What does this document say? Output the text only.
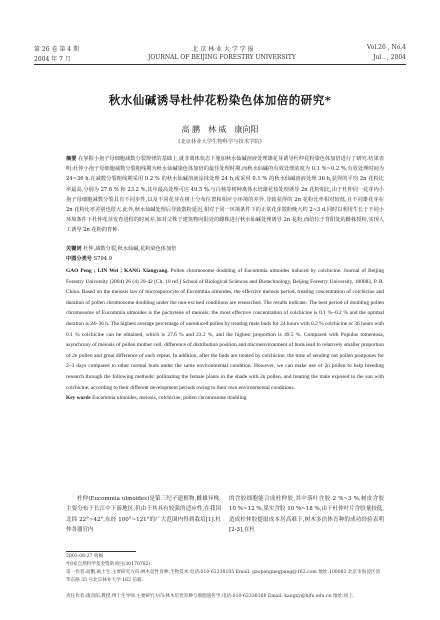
第 26 卷 第 4 期	北 京 林 业 大 学 学 报	Vol.26 , No.4
2004 年 7 月	JOURNAL OF BEIJING FORESTRY UNIVERSITY	Jul . , 2004
秋水仙碱诱导杜仲花粉染色体加倍的研究*
高 鹏　林 威　康向阳
(北京林业大学生物科学与技术学院)
摘要 在掌握小孢子母细胞减数分裂规律的基础上,就非离体状态下施加秋水仙碱溶液处理雄花芽诱导杜仲花粉染色体加倍进行了研究.结果表明:杜仲小孢子母细胞减数分裂粗线期为秋水仙碱染色体加倍的最佳处理时期,而秋水仙碱的有效处理浓度为 0.1 %~0.2 %,有效处理时间为 24~36 h.在减数分裂粗线期采用 0.2 % 的秋水仙碱溶液涂抹处理 24 h,或采用 0.1 % 的秋水仙碱溶液处理 36 h,获得的平均 2n 花粉比率最高,分别为 27.6 % 和 23.2 %,其中最高处理可达 49.5 %.与白杨等树种离体水培雄花枝处理诱导 2n 花粉相比,由于杜仲同一花芽内小孢子母细胞减数分裂具有不同步性,以及不同花芽在树上分布位置和相应小环境的差异,导致获得的 2n 花粉比率相对较低,且不同雄花芽在 2n 花粉比率差别也很大.此外,秋水仙碱处理后导致散粉延迟,相对于同一环境条件下的正常花芽散粉晚大约 2~3 d,同时以利用生长于不同小环境条件下杜仲花芽发育进程的时间差,如对父株于建筑物向阳处的雌株进行秋水仙碱处理诱导 2n 花粉,而给位于背阳处的雌株授粉,实现人工诱导 2n 花粉的育种.
关键词 杜仲,减数分裂,秋水仙碱,花粉染色体加倍
中图分类号 S794.9
GAO Peng ; LIN Wei ; KANG Xiangyang. Pollen chromosome doubling of Eucommia ulmoides induced by colchicine. Journal of Beijing Forestry University (2004) 26 (4) 39-42 [Ch, 10 ref.] School of Biological Sciences and Biotechnology, Beijing Forestry University, 100083, P. R. China. Based on the meiosis law of microsporocyte of Eucommia ulmoides, the effective meiosis period, treating concentration of colchicine and duration of pollen chromosome doubling under the non-excised conditions are researched. The results indicate: The best period of doubling pollen chromosome of Eucommia ulmoides is the pachytene of meiosis; the most effective concentration of colchicine is 0.1 %~0.2 % and the optimal duration is 24~36 h. The highest average percentage of unreduced pollen by treating male buds for 24 hours with 0.2 % colchicine or 36 hours with 0.1 % colchicine can be obtained, which is 27.6 % and 23.2 %, and the highest proportion is 49.5 %. Compared with Populus tomentosa, asynchrony of meiosis of pollen mother cell, difference of distribution position and microenvironment of buds lead to relatively smaller proportion of 2n pollen and great difference of each repeat. In addition, after the buds are treated by colchicine, the time of sending out pollen postpones for 2~3 days compared to other normal buds under the same environmental condition. However, we can make use of 2n pollen to help breeding research through the following methods: pollinating the female plants in the shade with 2n pollen, and treating the male exposed to the sun with colchicine, according to their different development periods owing to their own environmental conditions.
Key words Eucommia ulmoides, meiosis, colchicine, pollen chromosome doubling
杜仲(Eucommia ulmoides)是第三纪孑遗植物,雌雄异株,主要分布于长江中下游地区,但由于其具有较强的适应性,在我国北纬 22°~42°,东经 100°~121°的广大范围内得到栽培[1].杜仲各器官内
的含胶细胞能合成杜仲胶,其中落叶含胶 2 %~3 %,树皮含胶 10 %~12 %,果实含胶 10 %~18 %,由于杜仲叶片含胶量较低,造成杜仲胶提取成本居高难下,树木多倍体育种的成功经验表明[2-3],在杜
2003-08-27 收稿
*国家自然科学基金资助项目(30170782).
第一作者:高鹏,硕士生.主要研究方向:林木倍性育种.生物技术.电话:010-62338105 Email: gaopengnegpeng@163.com 地址:100083 北京市海淀区清华东路 35 号北京林业大学 162 信箱.
责任作者:康向阳,教授,博士生导师.主要研究方向:林木倍性育种与细胞遗传学.电话:010-62336168 Email: kangxy@bjfu.edu.cn 地址:同上.
